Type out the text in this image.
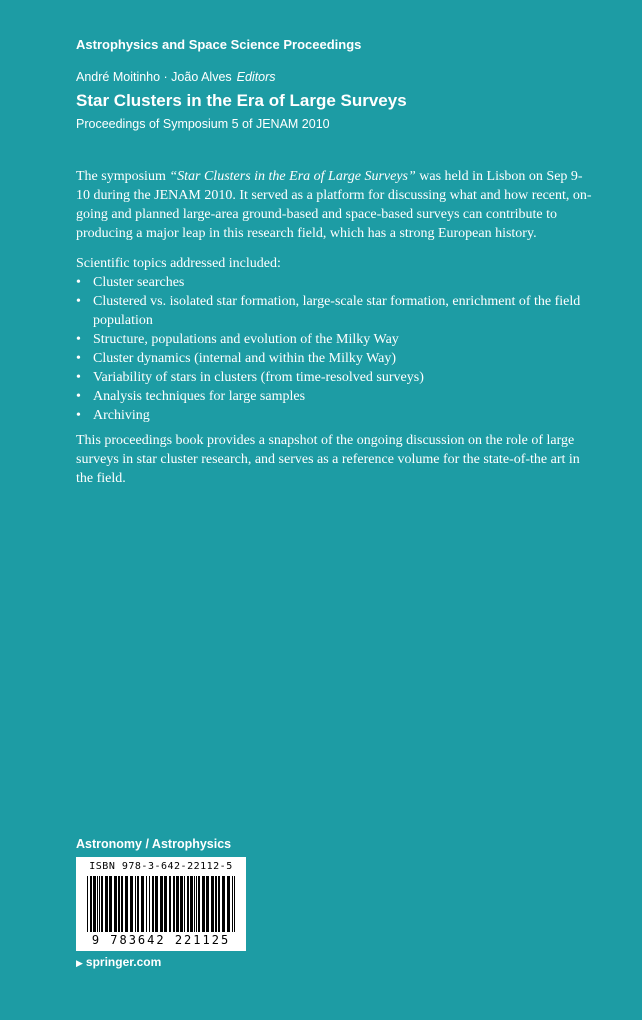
Astrophysics and Space Science Proceedings
André Moitinho · João Alves Editors
Star Clusters in the Era of Large Surveys
Proceedings of Symposium 5 of JENAM 2010

The symposium “Star Clusters in the Era of Large Surveys” was held in Lisbon on Sep 9-10 during the JENAM 2010. It served as a platform for discussing what and how recent, on-going and planned large-area ground-based and space-based surveys can contribute to producing a major leap in this research field, which has a strong European history.

Scientific topics addressed included:

• Cluster searches
• Clustered vs. isolated star formation, large-scale star formation, enrichment of the field population
• Structure, populations and evolution of the Milky Way
• Cluster dynamics (internal and within the Milky Way)
• Variability of stars in clusters (from time-resolved surveys)
• Analysis techniques for large samples
• Archiving

This proceedings book provides a snapshot of the ongoing discussion on the role of large surveys in star cluster research, and serves as a reference volume for the state-of-the art in the field.

Astronomy / Astrophysics
ISBN 978-3-642-22112-5
9 783642 221125
▶ springer.com
